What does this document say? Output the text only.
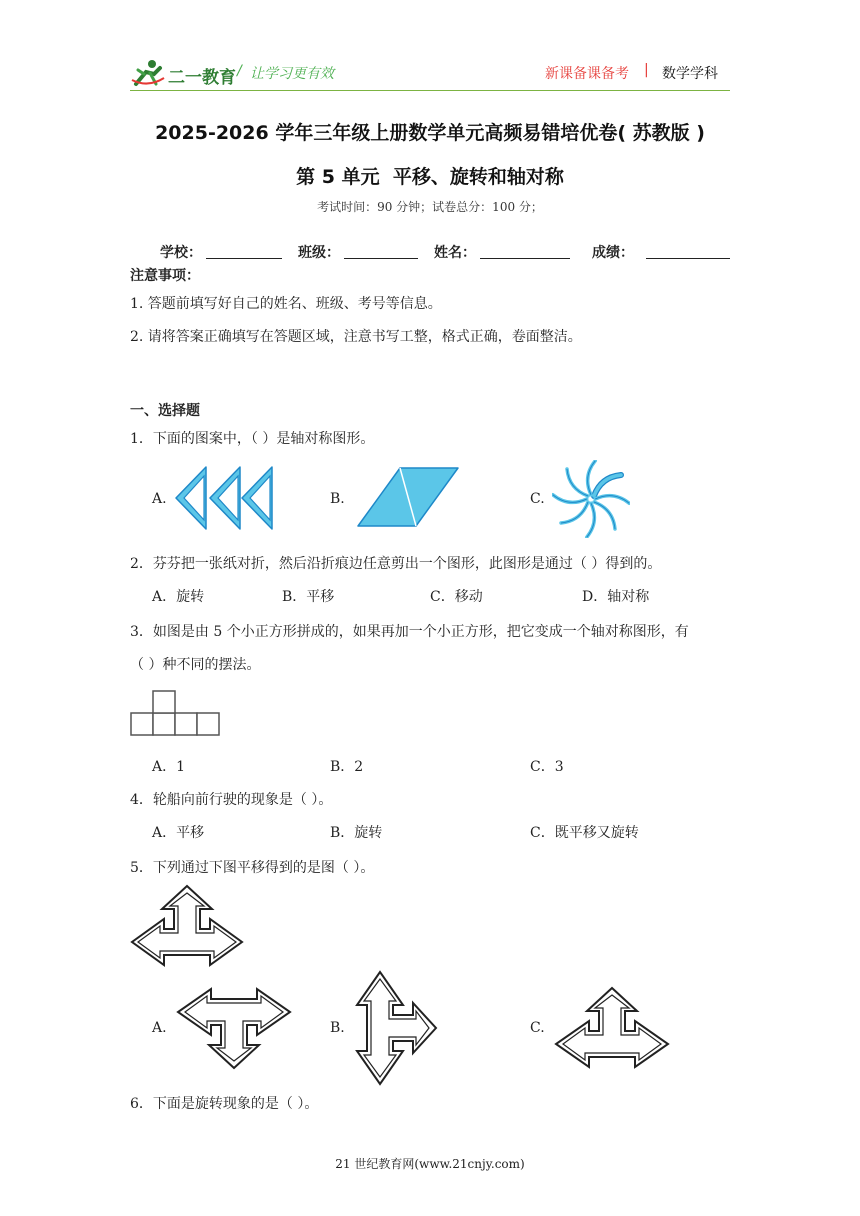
二一教育 让学习更有效
/	新课备课备考 | 数学学科
2025-2026 学年三年级上册数学单元高频易错培优卷( 苏教版 )
第 5 单元  平移、旋转和轴对称
考试时间：90 分钟；试卷总分：100 分；
学校：	班级：	姓名：	成绩：
注意事项：
1. 答题前填写好自己的姓名、班级、考号等信息。
2. 请将答案正确填写在答题区域，注意书写工整，格式正确，卷面整洁。
一、选择题
1．下面的图案中，（ ）是轴对称图形。
A.	B.	C.
2．芬芬把一张纸对折，然后沿折痕边任意剪出一个图形，此图形是通过（ ）得到的。
A．旋转	B．平移	C．移动	D．轴对称
3．如图是由 5 个小正方形拼成的，如果再加一个小正方形，把它变成一个轴对称图形，有
（ ）种不同的摆法。
A．1	B．2	C．3
4．轮船向前行驶的现象是（ ）。
A．平移	B．旋转	C．既平移又旋转
5．下列通过下图平移得到的是图（ ）。
A.	B.	C.
6．下面是旋转现象的是（ ）。
21 世纪教育网(www.21cnjy.com)
